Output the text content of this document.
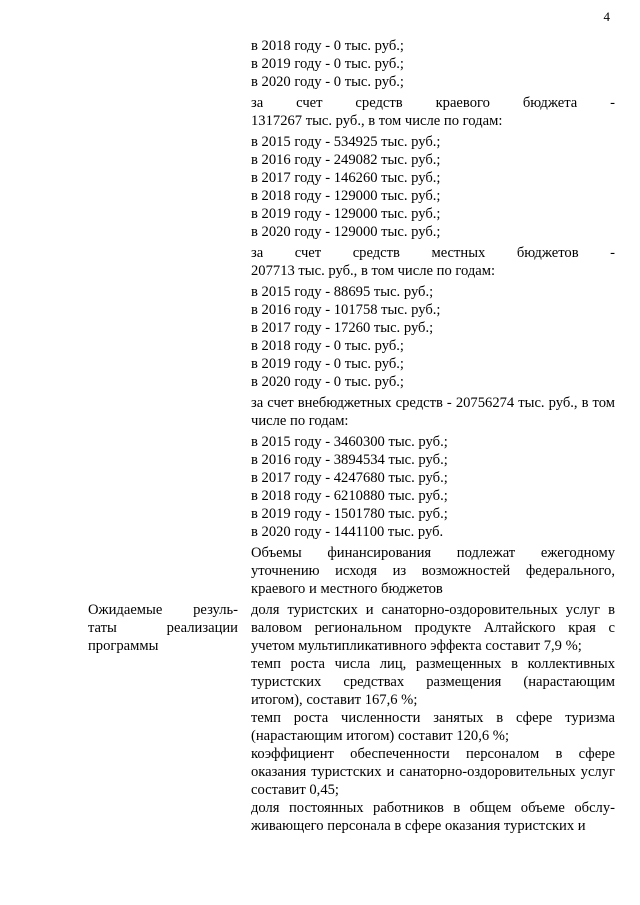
4

в 2018 году - 0 тыс. руб.;

в 2019 году - 0 тыс. руб.;

в 2020 году - 0 тыс. руб.;

за счет средств краевого бюджета -

1317267 тыс. руб., в том числе по годам:

в 2015 году - 534925 тыс. руб.;

в 2016 году - 249082 тыс. руб.;

в 2017 году - 146260 тыс. руб.;

в 2018 году - 129000 тыс. руб.;

в 2019 году - 129000 тыс. руб.;

в 2020 году - 129000 тыс. руб.;

за счет средств местных бюджетов -

207713 тыс. руб., в том числе по годам:

в 2015 году - 88695 тыс. руб.;

в 2016 году - 101758 тыс. руб.;

в 2017 году - 17260 тыс. руб.;

в 2018 году - 0 тыс. руб.;

в 2019 году - 0 тыс. руб.;

в 2020 году - 0 тыс. руб.;

за счет внебюджетных средств - 20756274 тыс. руб., в том числе по годам:

в 2015 году - 3460300 тыс. руб.;

в 2016 году - 3894534 тыс. руб.;

в 2017 году - 4247680 тыс. руб.;

в 2018 году - 6210880 тыс. руб.;

в 2019 году - 1501780 тыс. руб.;

в 2020 году - 1441100 тыс. руб.

Объемы финансирования подлежат ежегодному уточнению исходя из возможностей федерального, краевого и местного бюджетов

Ожидаемые резуль-таты реализации программы

доля туристских и санаторно-оздоровительных услуг в валовом региональном продукте Алтайского края с учетом мультипликативного эффекта составит 7,9 %;

темп роста числа лиц, размещенных в коллективных туристских средствах размещения (нарастающим итогом), составит 167,6 %;

темп роста численности занятых в сфере туризма (нарастающим итогом) составит 120,6 %;

коэффициент обеспеченности персоналом в сфере оказания туристских и санаторно-оздоровительных услуг составит 0,45;

доля постоянных работников в общем объеме обслу-живающего персонала в сфере оказания туристских и
